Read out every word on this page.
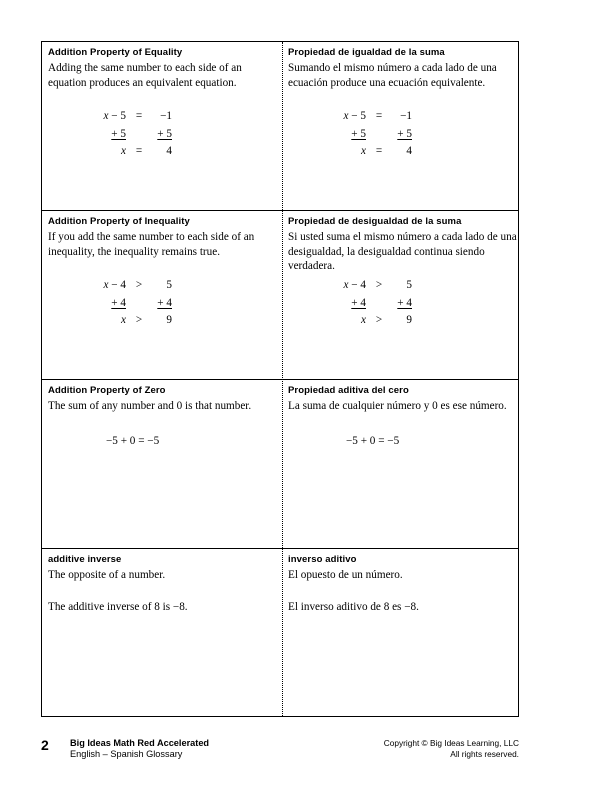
Addition Property of Equality

Adding the same number to each side of an equation produces an equivalent equation.

x − 5	=	−1
+ 5		+ 5
x	=	4

Propiedad de igualdad de la suma

Sumando el mismo número a cada lado de una ecuación produce una ecuación equivalente.

x − 5	=	−1
+ 5		+ 5
x	=	4

Addition Property of Inequality

If you add the same number to each side of an inequality, the inequality remains true.

x − 4	>	5
+ 4		+ 4
x	>	9

Propiedad de desigualdad de la suma

Si usted suma el mismo número a cada lado de una desigualdad, la desigualdad continua siendo verdadera.

x − 4	>	5
+ 4		+ 4
x	>	9

Addition Property of Zero

The sum of any number and 0 is that number.

−5 + 0 = −5

Propiedad aditiva del cero

La suma de cualquier número y 0 es ese número.

−5 + 0 = −5

additive inverse

The opposite of a number.

The additive inverse of 8 is −8.

inverso aditivo

El opuesto de un número.

El inverso aditivo de 8 es −8.
2 Big Ideas Math Red Accelerated
English – Spanish Glossary
Copyright © Big Ideas Learning, LLC
All rights reserved.
